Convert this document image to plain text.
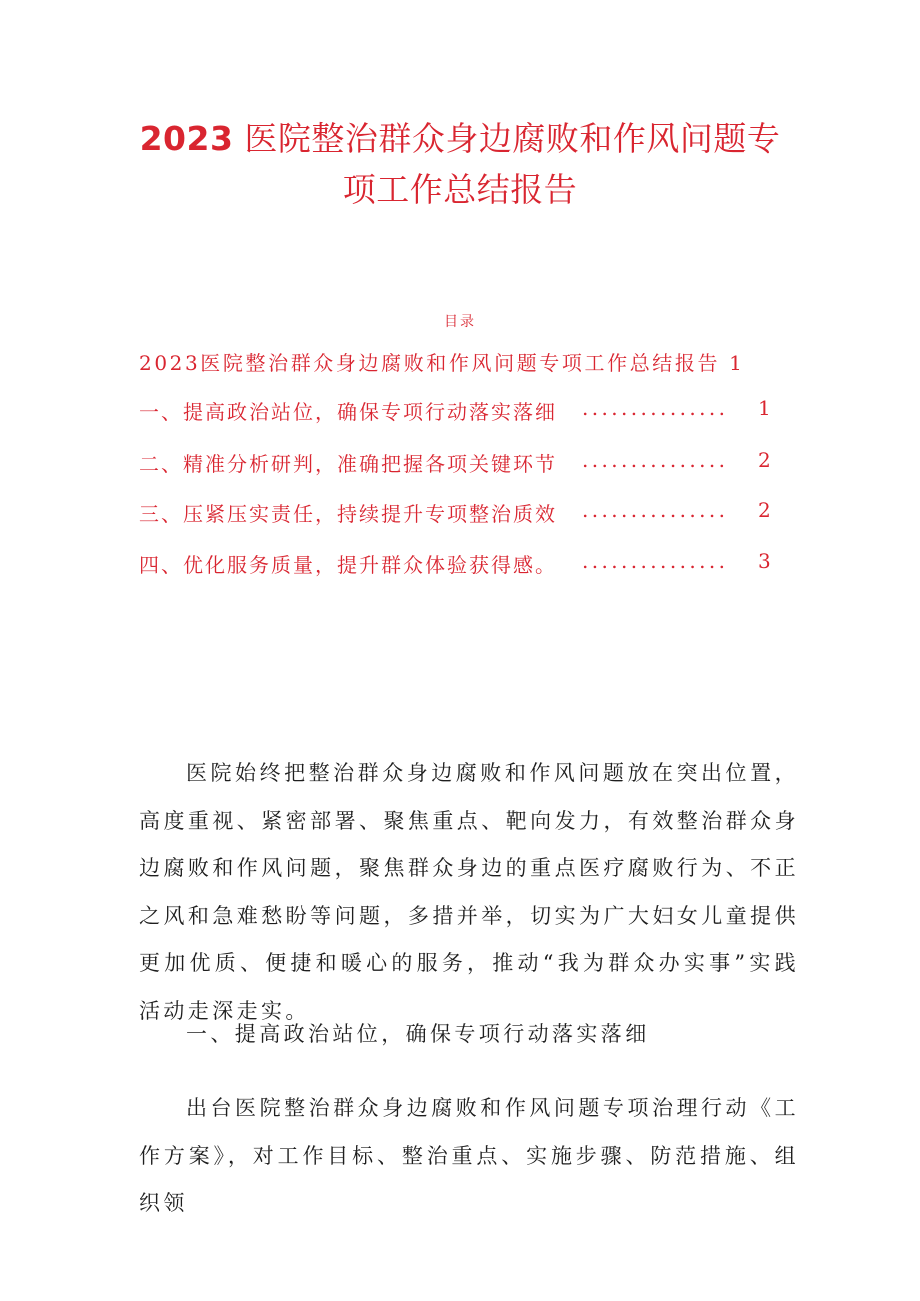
2023 医院整治群众身边腐败和作风问题专
项工作总结报告
目录
2023医院整治群众身边腐败和作风问题专项工作总结报告 1
一、提高政治站位，确保专项行动落实落细 ...............	1
二、精准分析研判，准确把握各项关键环节 ...............	2
三、压紧压实责任，持续提升专项整治质效 ...............	2
四、优化服务质量，提升群众体验获得感。 ...............	3

医院始终把整治群众身边腐败和作风问题放在突出位置，高度重视、紧密部署、聚焦重点、靶向发力，有效整治群众身边腐败和作风问题，聚焦群众身边的重点医疗腐败行为、不正之风和急难愁盼等问题，多措并举，切实为广大妇女儿童提供更加优质、便捷和暖心的服务，推动“我为群众办实事”实践活动走深走实。

一、提高政治站位，确保专项行动落实落细

出台医院整治群众身边腐败和作风问题专项治理行动《工作方案》，对工作目标、整治重点、实施步骤、防范措施、组织领
